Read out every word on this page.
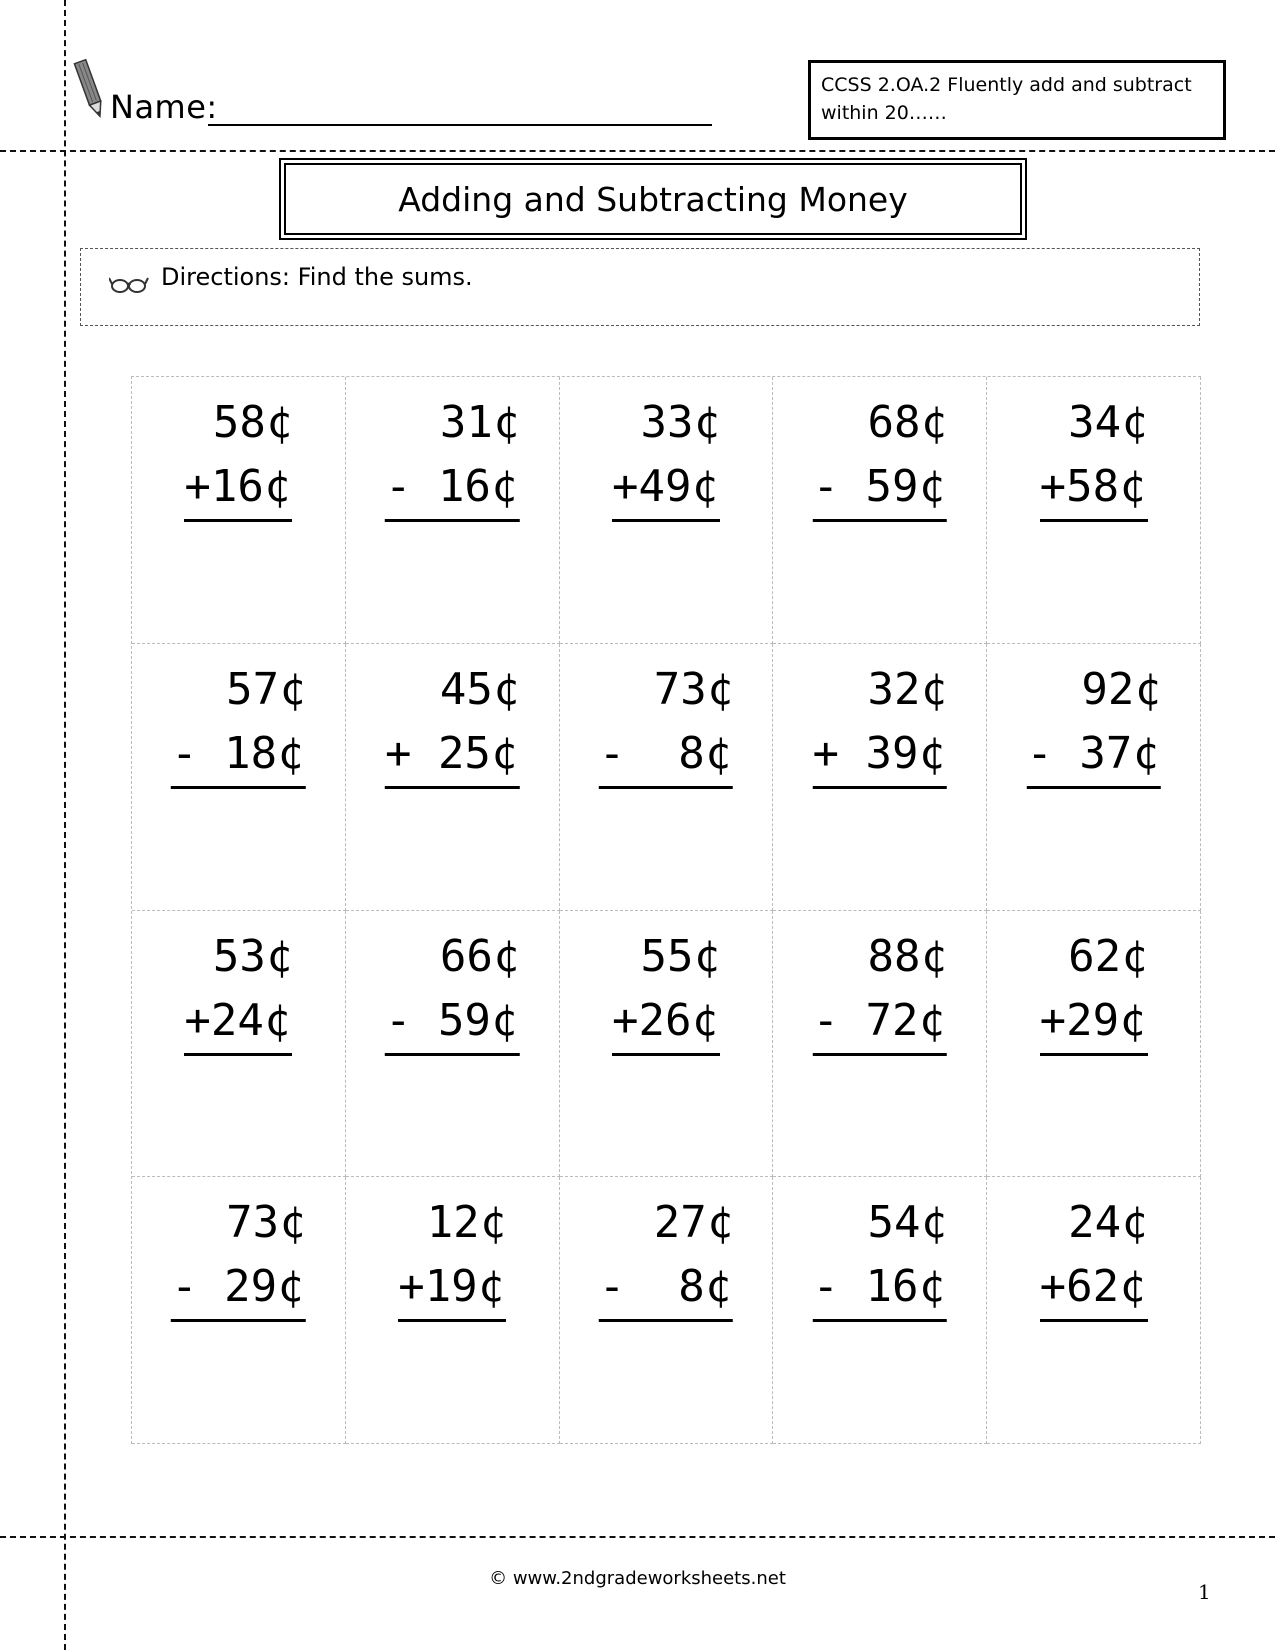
Name:
CCSS 2.OA.2 Fluently add and subtract
within 20……
Adding and Subtracting Money
Directions: Find the sums.
58¢
+16¢
31¢
- 16¢
33¢
+49¢
68¢
- 59¢
34¢
+58¢
57¢
- 18¢
45¢
+ 25¢
73¢
-  8¢
32¢
+ 39¢
92¢
- 37¢
53¢
+24¢
66¢
- 59¢
55¢
+26¢
88¢
- 72¢
62¢
+29¢
73¢
- 29¢
12¢
+19¢
27¢
-  8¢
54¢
- 16¢
24¢
+62¢
© www.2ndgradeworksheets.net
1
